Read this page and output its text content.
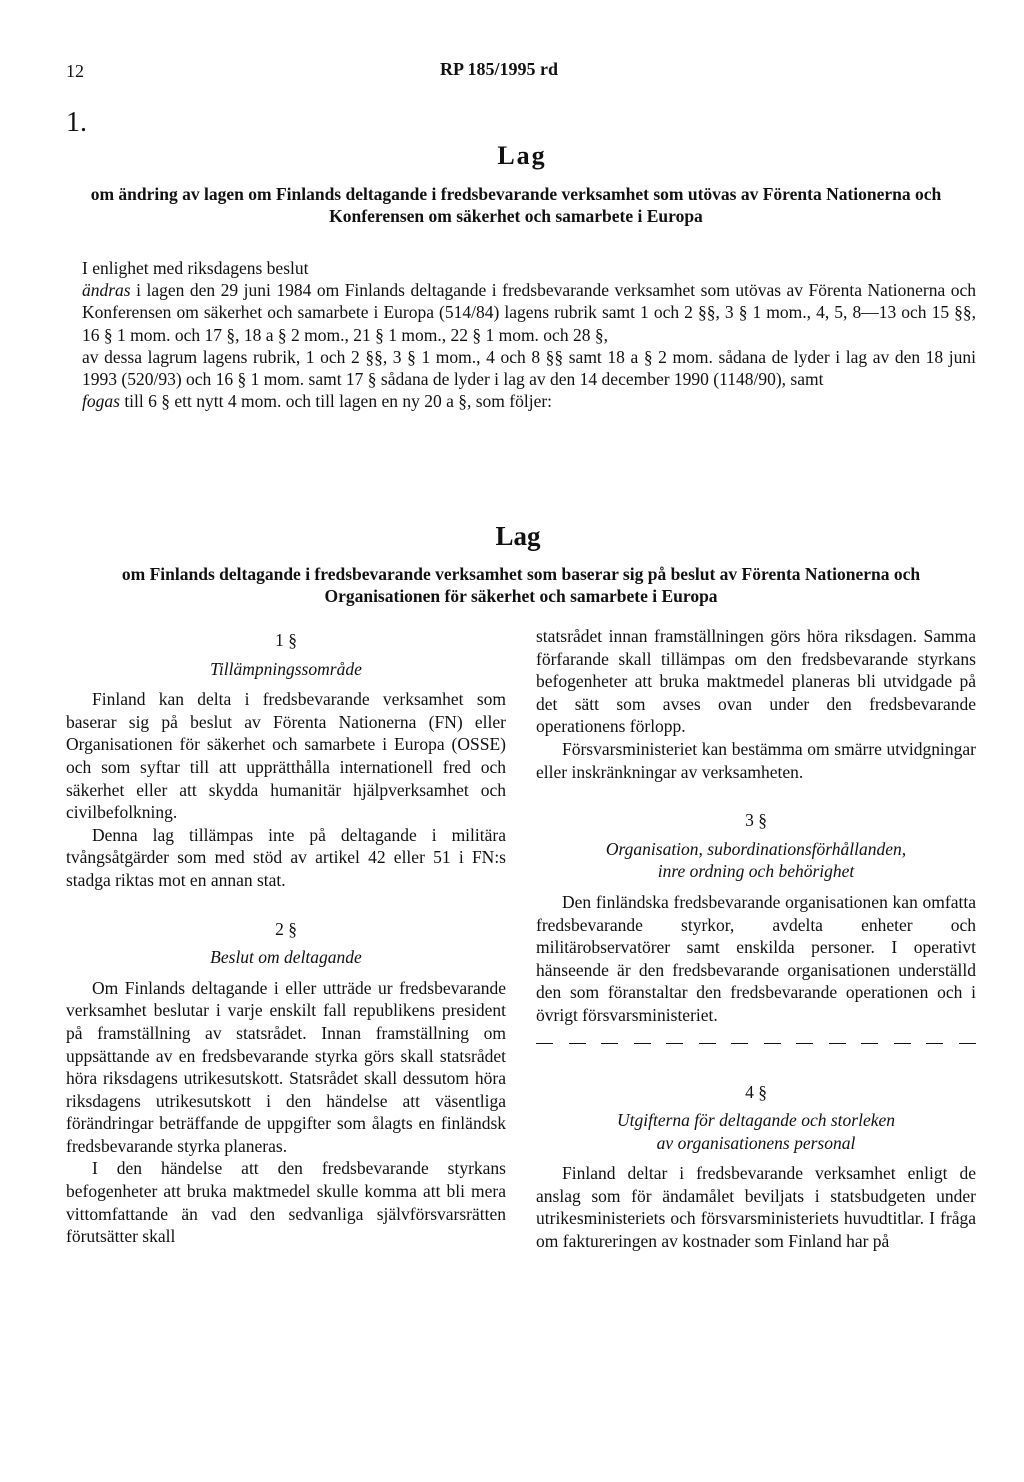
12	RP 185/1995 rd
1.
Lag
om ändring av lagen om Finlands deltagande i fredsbevarande verksamhet som utövas av Förenta Nationerna och Konferensen om säkerhet och samarbete i Europa

I enlighet med riksdagens beslut

ändras i lagen den 29 juni 1984 om Finlands deltagande i fredsbevarande verksamhet som utövas av Förenta Nationerna och Konferensen om säkerhet och samarbete i Europa (514/84) lagens rubrik samt 1 och 2 §§, 3 § 1 mom., 4, 5, 8—13 och 15 §§, 16 § 1 mom. och 17 §, 18 a § 2 mom., 21 § 1 mom., 22 § 1 mom. och 28 §,

av dessa lagrum lagens rubrik, 1 och 2 §§, 3 § 1 mom., 4 och 8 §§ samt 18 a § 2 mom. sådana de lyder i lag av den 18 juni 1993 (520/93) och 16 § 1 mom. samt 17 § sådana de lyder i lag av den 14 december 1990 (1148/90), samt

fogas till 6 § ett nytt 4 mom. och till lagen en ny 20 a §, som följer:

Lag
om Finlands deltagande i fredsbevarande verksamhet som baserar sig på beslut av Förenta Nationerna och Organisationen för säkerhet och samarbete i Europa
1 §
Tillämpningssområde

Finland kan delta i fredsbevarande verksamhet som baserar sig på beslut av Förenta Nationerna (FN) eller Organisationen för säkerhet och samarbete i Europa (OSSE) och som syftar till att upprätthålla internationell fred och säkerhet eller att skydda humanitär hjälpverksamhet och civilbefolkning.

Denna lag tillämpas inte på deltagande i militära tvångsåtgärder som med stöd av artikel 42 eller 51 i FN:s stadga riktas mot en annan stat.

2 §
Beslut om deltagande

Om Finlands deltagande i eller utträde ur fredsbevarande verksamhet beslutar i varje enskilt fall republikens president på framställning av statsrådet. Innan framställning om uppsättande av en fredsbevarande styrka görs skall statsrådet höra riksdagens utrikesutskott. Statsrådet skall dessutom höra riksdagens utrikesutskott i den händelse att väsentliga förändringar beträffande de uppgifter som ålagts en finländsk fredsbevarande styrka planeras.

I den händelse att den fredsbevarande styrkans befogenheter att bruka maktmedel skulle komma att bli mera vittomfattande än vad den sedvanliga självförsvarsrätten förutsätter skall

statsrådet innan framställningen görs höra riksdagen. Samma förfarande skall tillämpas om den fredsbevarande styrkans befogenheter att bruka maktmedel planeras bli utvidgade på det sätt som avses ovan under den fredsbevarande operationens förlopp.

Försvarsministeriet kan bestämma om smärre utvidgningar eller inskränkningar av verksamheten.

3 §
Organisation, subordinationsförhållanden,
inre ordning och behörighet

Den finländska fredsbevarande organisationen kan omfatta fredsbevarande styrkor, avdelta enheter och militärobservatörer samt enskilda personer. I operativt hänseende är den fredsbevarande organisationen underställd den som föranstaltar den fredsbevarande operationen och i övrigt försvarsministeriet.

4 §
Utgifterna för deltagande och storleken
av organisationens personal

Finland deltar i fredsbevarande verksamhet enligt de anslag som för ändamålet beviljats i statsbudgeten under utrikesministeriets och försvarsministeriets huvudtitlar. I fråga om faktureringen av kostnader som Finland har på
